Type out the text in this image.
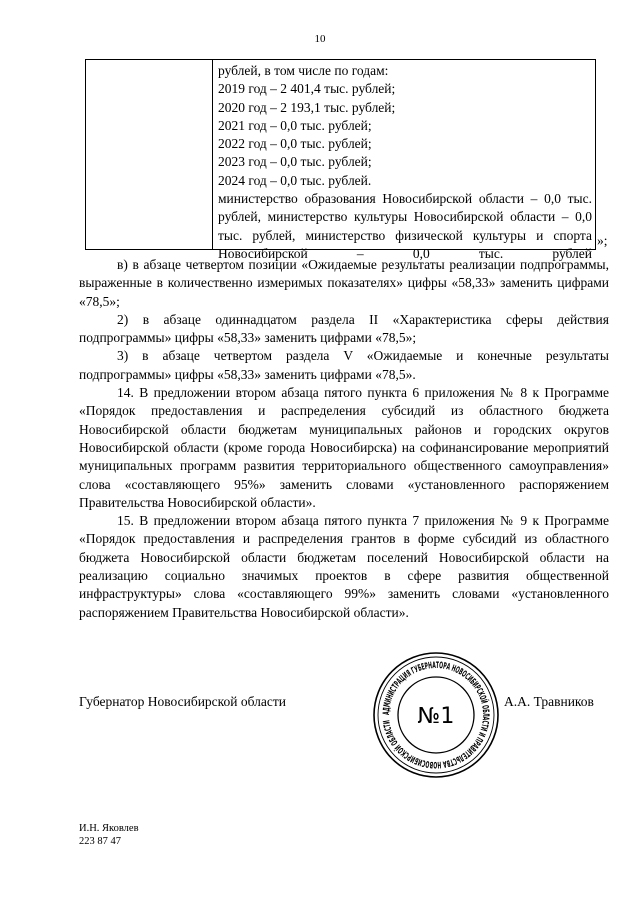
10
рублей, в том числе по годам:
2019 год – 2 401,4 тыс. рублей;
2020 год – 2 193,1 тыс. рублей;
2021 год – 0,0 тыс. рублей;
2022 год – 0,0 тыс. рублей;
2023 год – 0,0 тыс. рублей;
2024 год – 0,0 тыс. рублей.
министерство образования Новосибирской области – 0,0 тыс. рублей, министерство культуры Новосибирской области – 0,0 тыс. рублей, министерство физической культуры и спорта Новосибирской – 0,0 тыс. рублей
»;

в) в абзаце четвертом позиции «Ожидаемые результаты реализации подпрограммы, выраженные в количественно измеримых показателях» цифры «58,33» заменить цифрами «78,5»;

2) в абзаце одиннадцатом раздела II «Характеристика сферы действия подпрограммы» цифры «58,33» заменить цифрами «78,5»;

3) в абзаце четвертом раздела V «Ожидаемые и конечные результаты подпрограммы» цифры «58,33» заменить цифрами «78,5».

14. В предложении втором абзаца пятого пункта 6 приложения № 8 к Программе «Порядок предоставления и распределения субсидий из областного бюджета Новосибирской области бюджетам муниципальных районов и городских округов Новосибирской области (кроме города Новосибирска) на софинансирование мероприятий муниципальных программ развития территориального общественного самоуправления» слова «составляющего 95%» заменить словами «установленного распоряжением Правительства Новосибирской области».

15. В предложении втором абзаца пятого пункта 7 приложения № 9 к Программе «Порядок предоставления и распределения грантов в форме субсидий из областного бюджета Новосибирской области бюджетам поселений Новосибирской области на реализацию социально значимых проектов в сфере развития общественной инфраструктуры» слова «составляющего 99%» заменить словами «установленного распоряжением Правительства Новосибирской области».

Губернатор Новосибирской области
АДМИНИСТРАЦИЯ ГУБЕРНАТОРА НОВОСИБИРСКОЙ ОБЛАСТИ И ПРАВИТЕЛЬСТВА НОВОСИБИРСКОЙ ОБЛАСТИ	№1
А.А. Травников
И.Н. Яковлев
223 87 47
